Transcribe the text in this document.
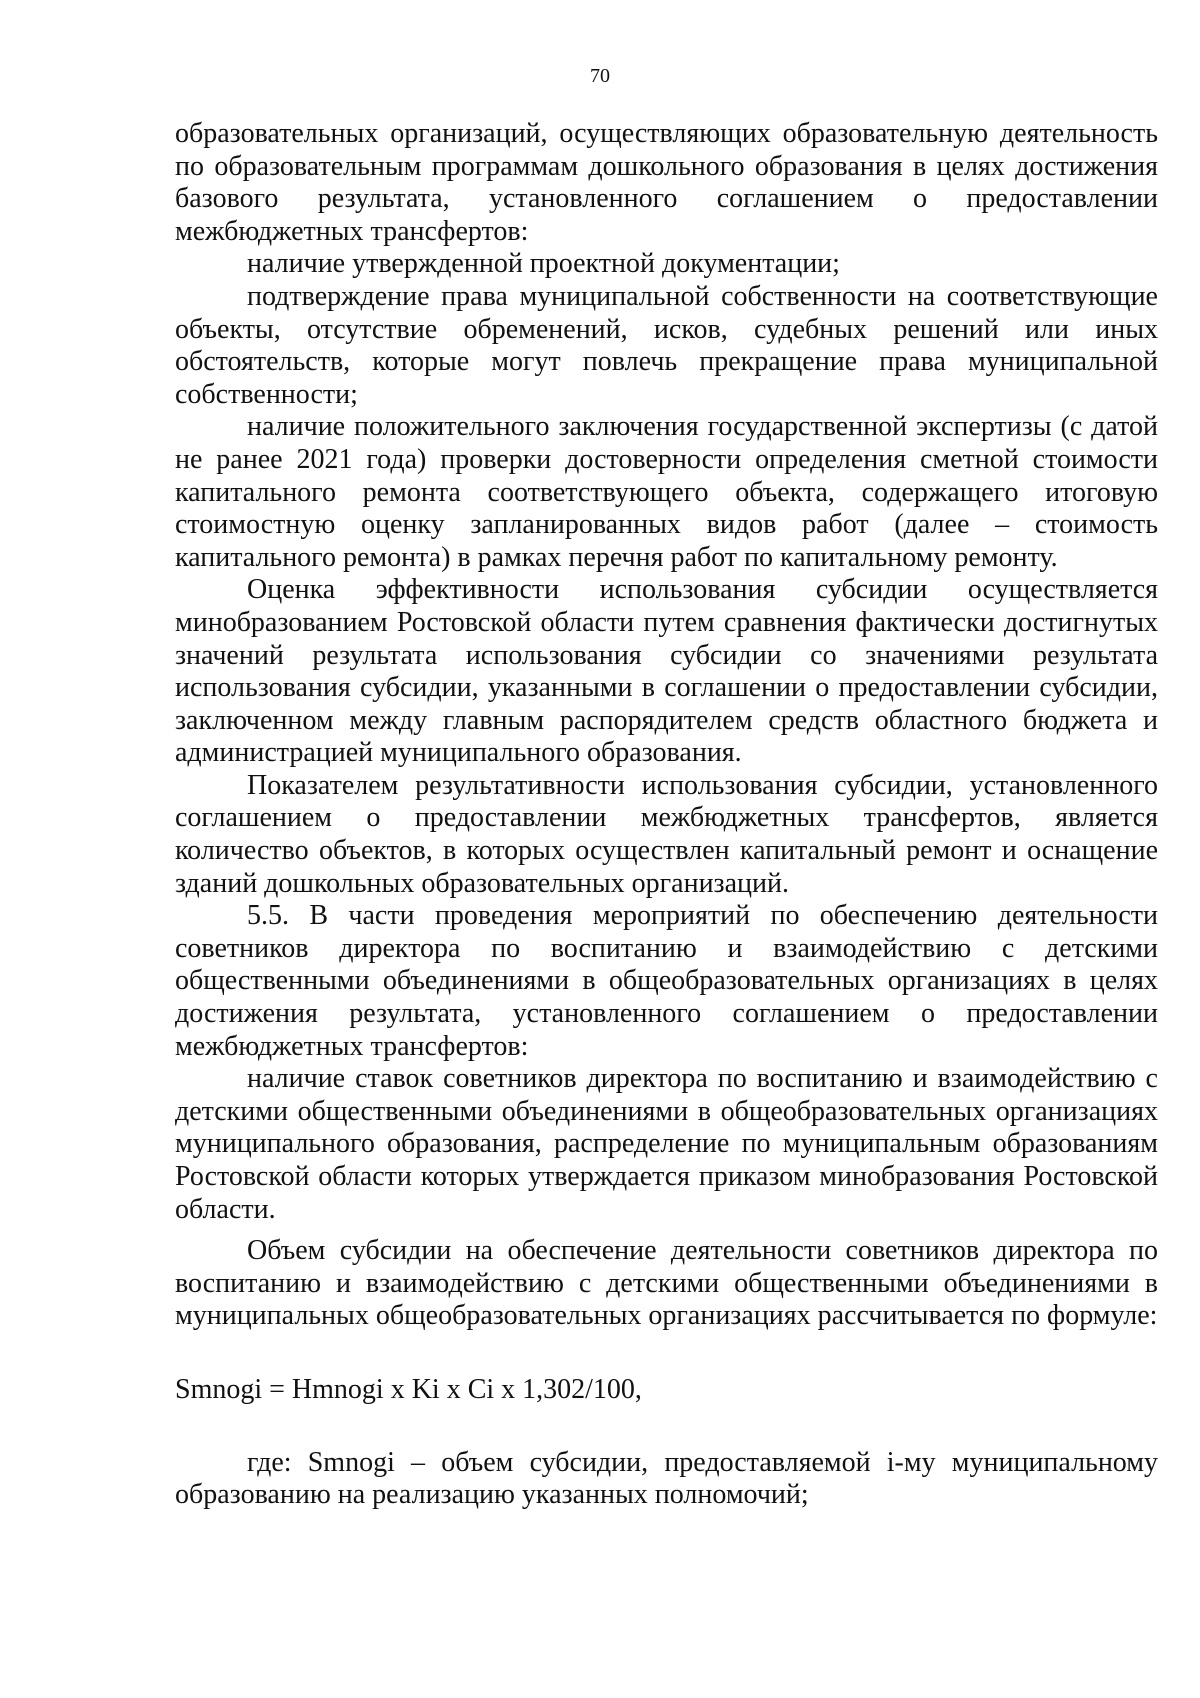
70

образовательных организаций, осуществляющих образовательную деятельность по образовательным программам дошкольного образования в целях достижения базового результата, установленного соглашением о предоставлении межбюджетных трансфертов:

наличие утвержденной проектной документации;

подтверждение права муниципальной собственности на соответствующие объекты, отсутствие обременений, исков, судебных решений или иных обстоятельств, которые могут повлечь прекращение права муниципальной собственности;

наличие положительного заключения государственной экспертизы (с датой не ранее 2021 года) проверки достоверности определения сметной стоимости капитального ремонта соответствующего объекта, содержащего итоговую стоимостную оценку запланированных видов работ (далее – стоимость капитального ремонта) в рамках перечня работ по капитальному ремонту.

Оценка эффективности использования субсидии осуществляется минобразованием Ростовской области путем сравнения фактически достигнутых значений результата использования субсидии со значениями результата использования субсидии, указанными в соглашении о предоставлении субсидии, заключенном между главным распорядителем средств областного бюджета и администрацией муниципального образования.

Показателем результативности использования субсидии, установленного соглашением о предоставлении межбюджетных трансфертов, является количество объектов, в которых осуществлен капитальный ремонт и оснащение зданий дошкольных образовательных организаций.

5.5. В части проведения мероприятий по обеспечению деятельности советников директора по воспитанию и взаимодействию с детскими общественными объединениями в общеобразовательных организациях в целях достижения результата, установленного соглашением о предоставлении межбюджетных трансфертов:

наличие ставок советников директора по воспитанию и взаимодействию с детскими общественными объединениями в общеобразовательных организациях муниципального образования, распределение по муниципальным образованиям Ростовской области которых утверждается приказом минобразования Ростовской области.

Объем субсидии на обеспечение деятельности советников директора по воспитанию и взаимодействию с детскими общественными объединениями в муниципальных общеобразовательных организациях рассчитывается по формуле:

Smnogi = Hmnogi x Ki x Ci x 1,302/100,

где: Smnogi – объем субсидии, предоставляемой i-му муниципальному образованию на реализацию указанных полномочий;
